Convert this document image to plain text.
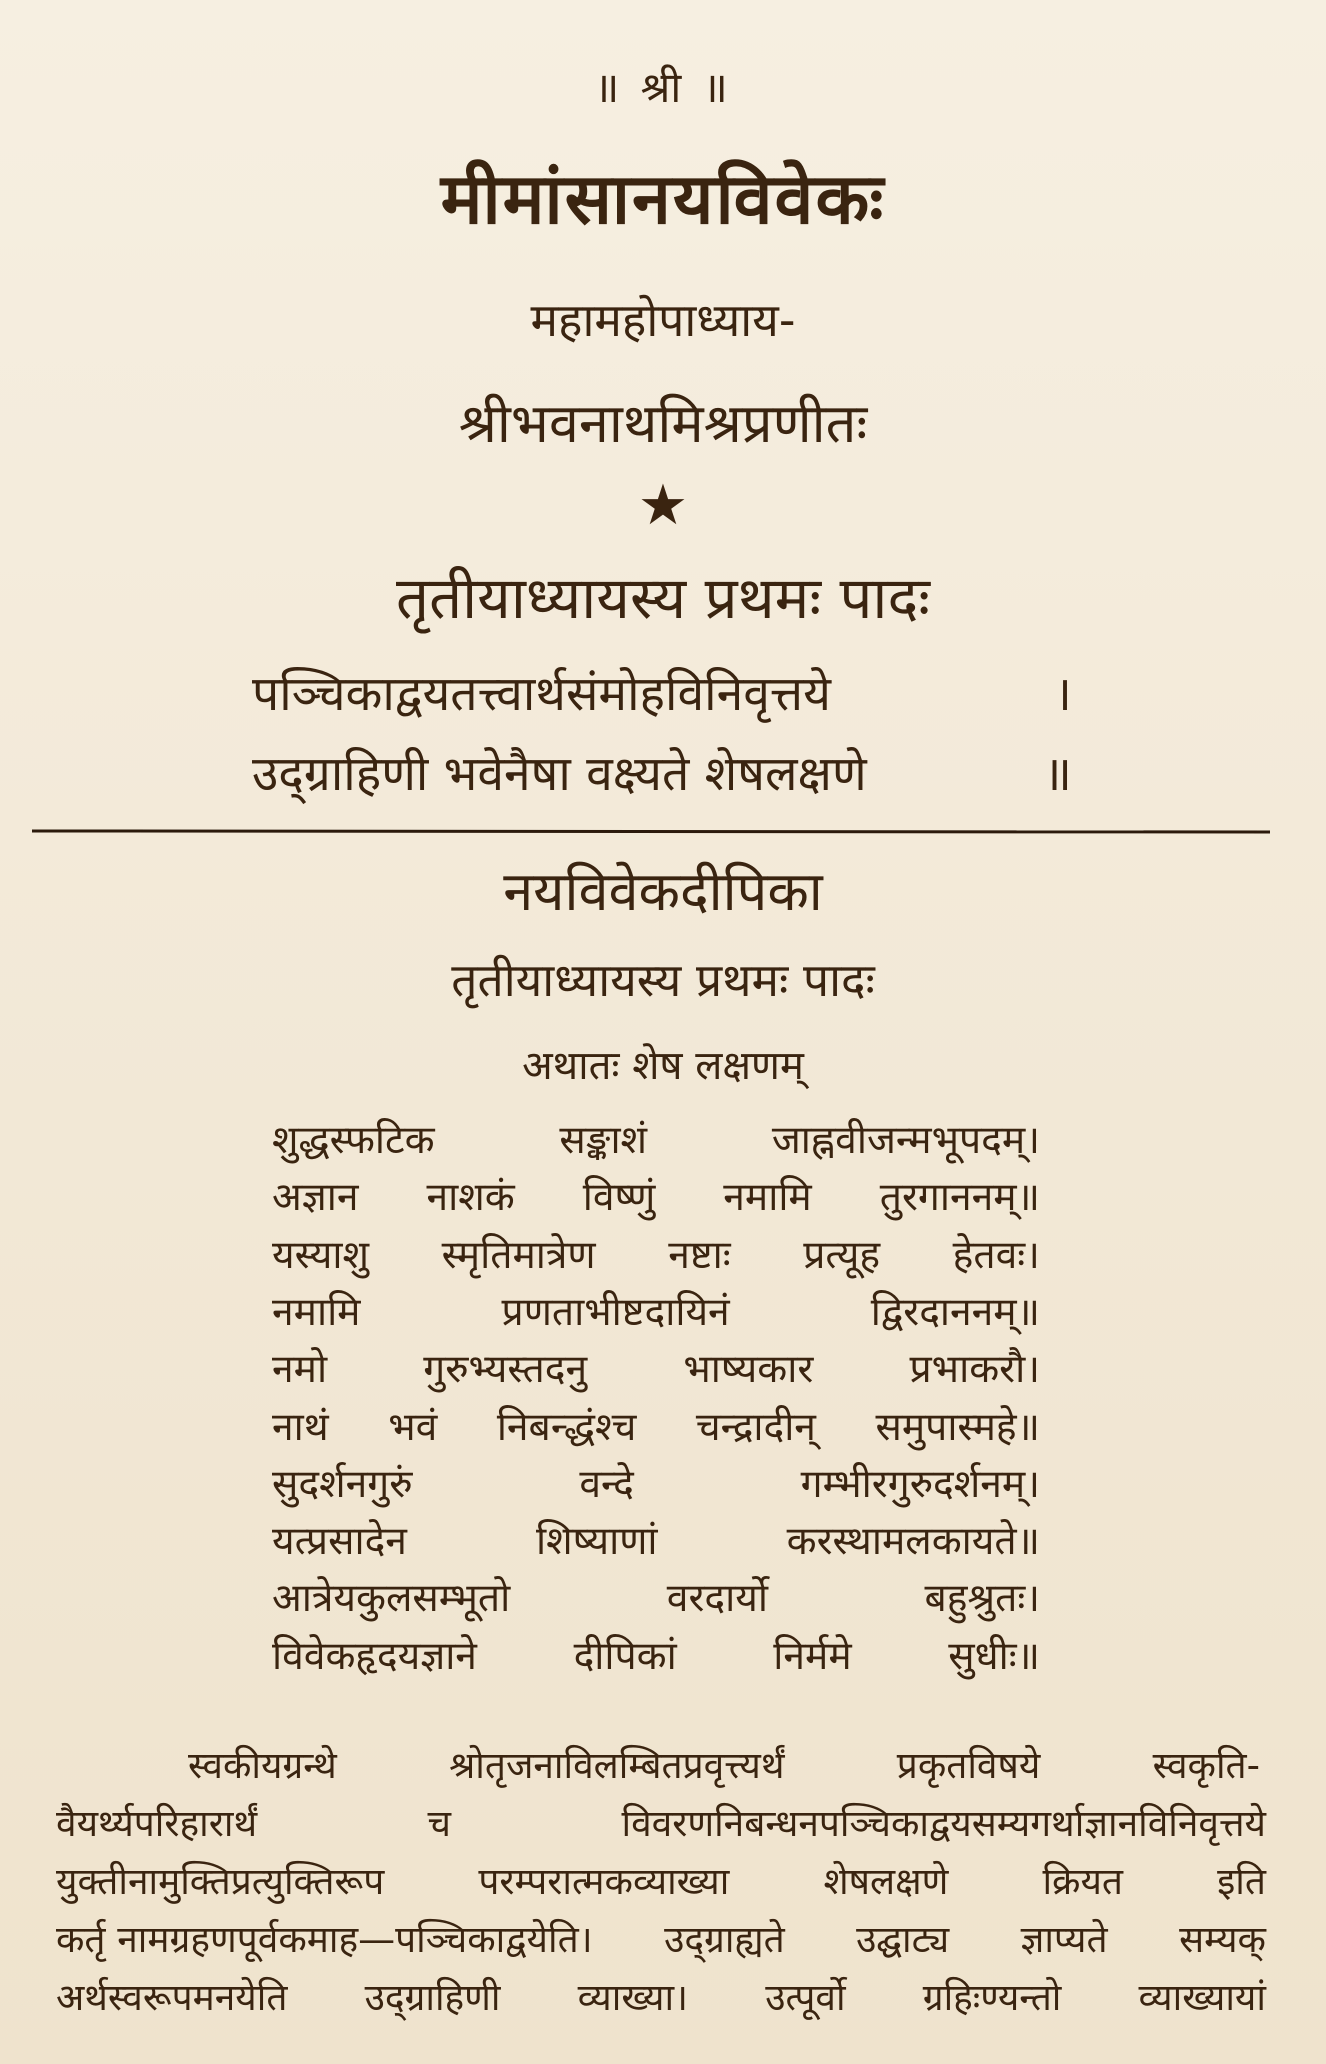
॥ श्री ॥
मीमांसानयविवेकः
महामहोपाध्याय-
श्रीभवनाथमिश्रप्रणीतः
★
तृतीयाध्यायस्य प्रथमः पादः
पञ्चिकाद्वयतत्त्वार्थसंमोहविनिवृत्तये	।
उद्ग्राहिणी भवेनैषा वक्ष्यते शेषलक्षणे	॥
नयविवेकदीपिका
तृतीयाध्यायस्य प्रथमः पादः
अथातः शेष लक्षणम्
शुद्धस्फटिक	सङ्काशं	जाह्नवीजन्मभूपदम्।
अज्ञान नाशकं विष्णुं नमामि तुरगाननम्॥
यस्याशु स्मृतिमात्रेण नष्टाः प्रत्यूह हेतवः।
नमामि	प्रणताभीष्टदायिनं	द्विरदाननम्॥
नमो गुरुभ्यस्तदनु भाष्यकार प्रभाकरौ।
नाथं भवं निबन्द्धंश्च चन्द्रादीन् समुपास्महे॥
सुदर्शनगुरुं	वन्दे	गम्भीरगुरुदर्शनम्।
यत्प्रसादेन	शिष्याणां	करस्थामलकायते॥
आत्रेयकुलसम्भूतो	वरदार्यो	बहुश्रुतः।
विवेकहृदयज्ञाने दीपिकां निर्ममे सुधीः॥
स्वकीयग्रन्थे	श्रोतृजनाविलम्बितप्रवृत्त्यर्थं	प्रकृतविषये	स्वकृति-
वैयर्थ्यपरिहारार्थं	च	विवरणनिबन्धनपञ्चिकाद्वयसम्यगर्थाज्ञानविनिवृत्तये
युक्तीनामुक्तिप्रत्युक्तिरूप	परम्परात्मकव्याख्या	शेषलक्षणे	क्रियत	इति
कर्तृ नामग्रहणपूर्वकमाह—पञ्चिकाद्वयेति। उद्ग्राह्यते उद्घाट्य ज्ञाप्यते सम्यक्
अर्थस्वरूपमनयेति उद्ग्राहिणी व्याख्या। उत्पूर्वो ग्रहिःण्यन्तो व्याख्यायां
